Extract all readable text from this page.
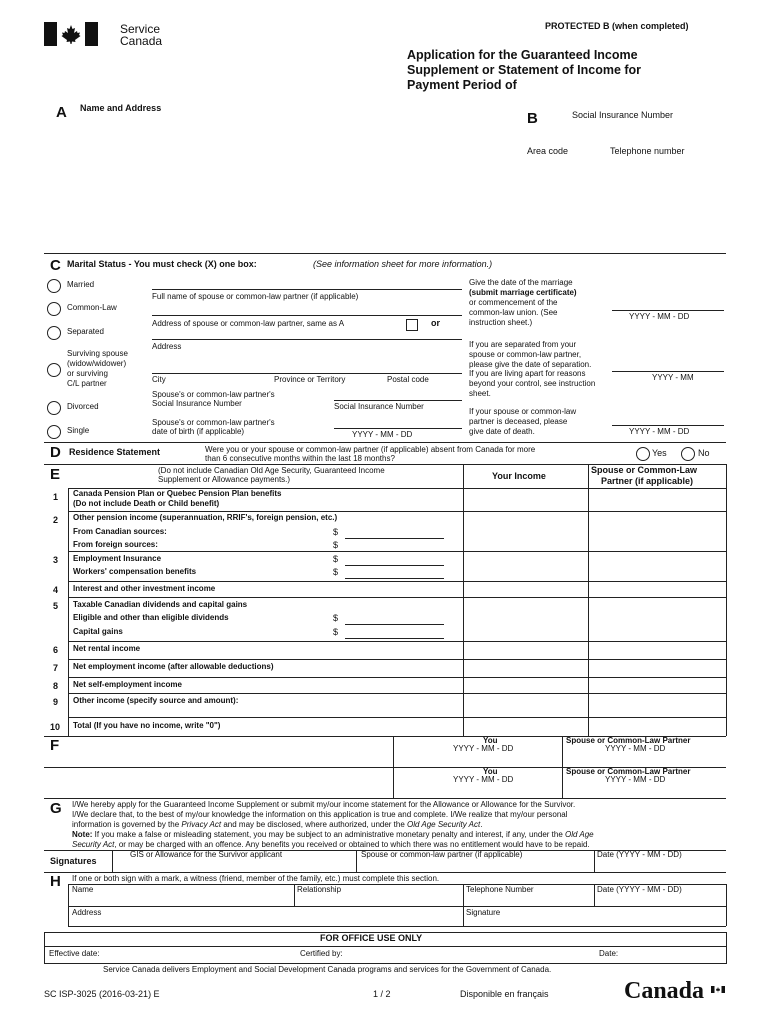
Service
Canada
PROTECTED B (when completed)
Application for the Guaranteed Income
Supplement or Statement of Income for
Payment Period of
A Name and Address
B	Social Insurance Number
Area code	Telephone number
C Marital Status - You must check (X) one box:	(See information sheet for more information.)
Married
Common-Law
Separated
Surviving spouse
(widow/widower)
or surviving
C/L partner
Divorced
Single
Full name of spouse or common-law partner (if applicable)
Address of spouse or common-law partner, same as A	or
Address
City	Province or Territory	Postal code
Spouse's or common-law partner's
Social Insurance Number	Social Insurance Number
Spouse's or common-law partner's
date of birth (if applicable)	YYYY - MM - DD
Give the date of the marriage
(submit marriage certificate)
or commencement of the
common-law union. (See
instruction sheet.)
YYYY - MM - DD
If you are separated from your
spouse or common-law partner,
please give the date of separation.
If you are living apart for reasons
beyond your control, see instruction
sheet.
YYYY - MM
If your spouse or common-law
partner is deceased, please
give date of death.	YYYY - MM - DD
D Residence Statement	Were you or your spouse or common-law partner (if applicable) absent from Canada for more
than 6 consecutive months within the last 18 months?
Yes	No
E	(Do not include Canadian Old Age Security, Guaranteed Income
Supplement or Allowance payments.)	Your Income
Spouse or Common-Law
Partner (if applicable)
1 Canada Pension Plan or Quebec Pension Plan benefits
(Do not include Death or Child benefit)
2 Other pension income (superannuation, RRIF's, foreign pension, etc.)
From Canadian sources:	$
From foreign sources:	$
3 Employment Insurance	$
Workers' compensation benefits	$
4 Interest and other investment income
5 Taxable Canadian dividends and capital gains
Eligible and other than eligible dividends	$
Capital gains	$
6 Net rental income
7 Net employment income (after allowable deductions)
8 Net self-employment income
9 Other income (specify source and amount):
10 Total (If you have no income, write "0")
F	You
YYYY - MM - DD
Spouse or Common-Law Partner
YYYY - MM - DD
You
YYYY - MM - DD
Spouse or Common-Law Partner
YYYY - MM - DD
G I/We hereby apply for the Guaranteed Income Supplement or submit my/our income statement for the Allowance or Allowance for the Survivor.
I/We declare that, to the best of my/our knowledge the information on this application is true and complete. I/We realize that my/our personal
information is governed by the Privacy Act and may be disclosed, where authorized, under the Old Age Security Act.
Note: If you make a false or misleading statement, you may be subject to an administrative monetary penalty and interest, if any, under the Old Age
Security Act, or may be charged with an offence. Any benefits you received or obtained to which there was no entitlement would have to be repaid.
Signatures
GIS or Allowance for the Survivor applicant	Spouse or common-law partner (if applicable)	Date (YYYY - MM - DD)
H If one or both sign with a mark, a witness (friend, member of the family, etc.) must complete this section.
Name	Relationship	Telephone Number	Date (YYYY - MM - DD)
Address	Signature
FOR OFFICE USE ONLY
Effective date:	Certified by:	Date:
Service Canada delivers Employment and Social Development Canada programs and services for the Government of Canada.
SC ISP-3025 (2016-03-21) E	1 / 2	Disponible en français	Canada
